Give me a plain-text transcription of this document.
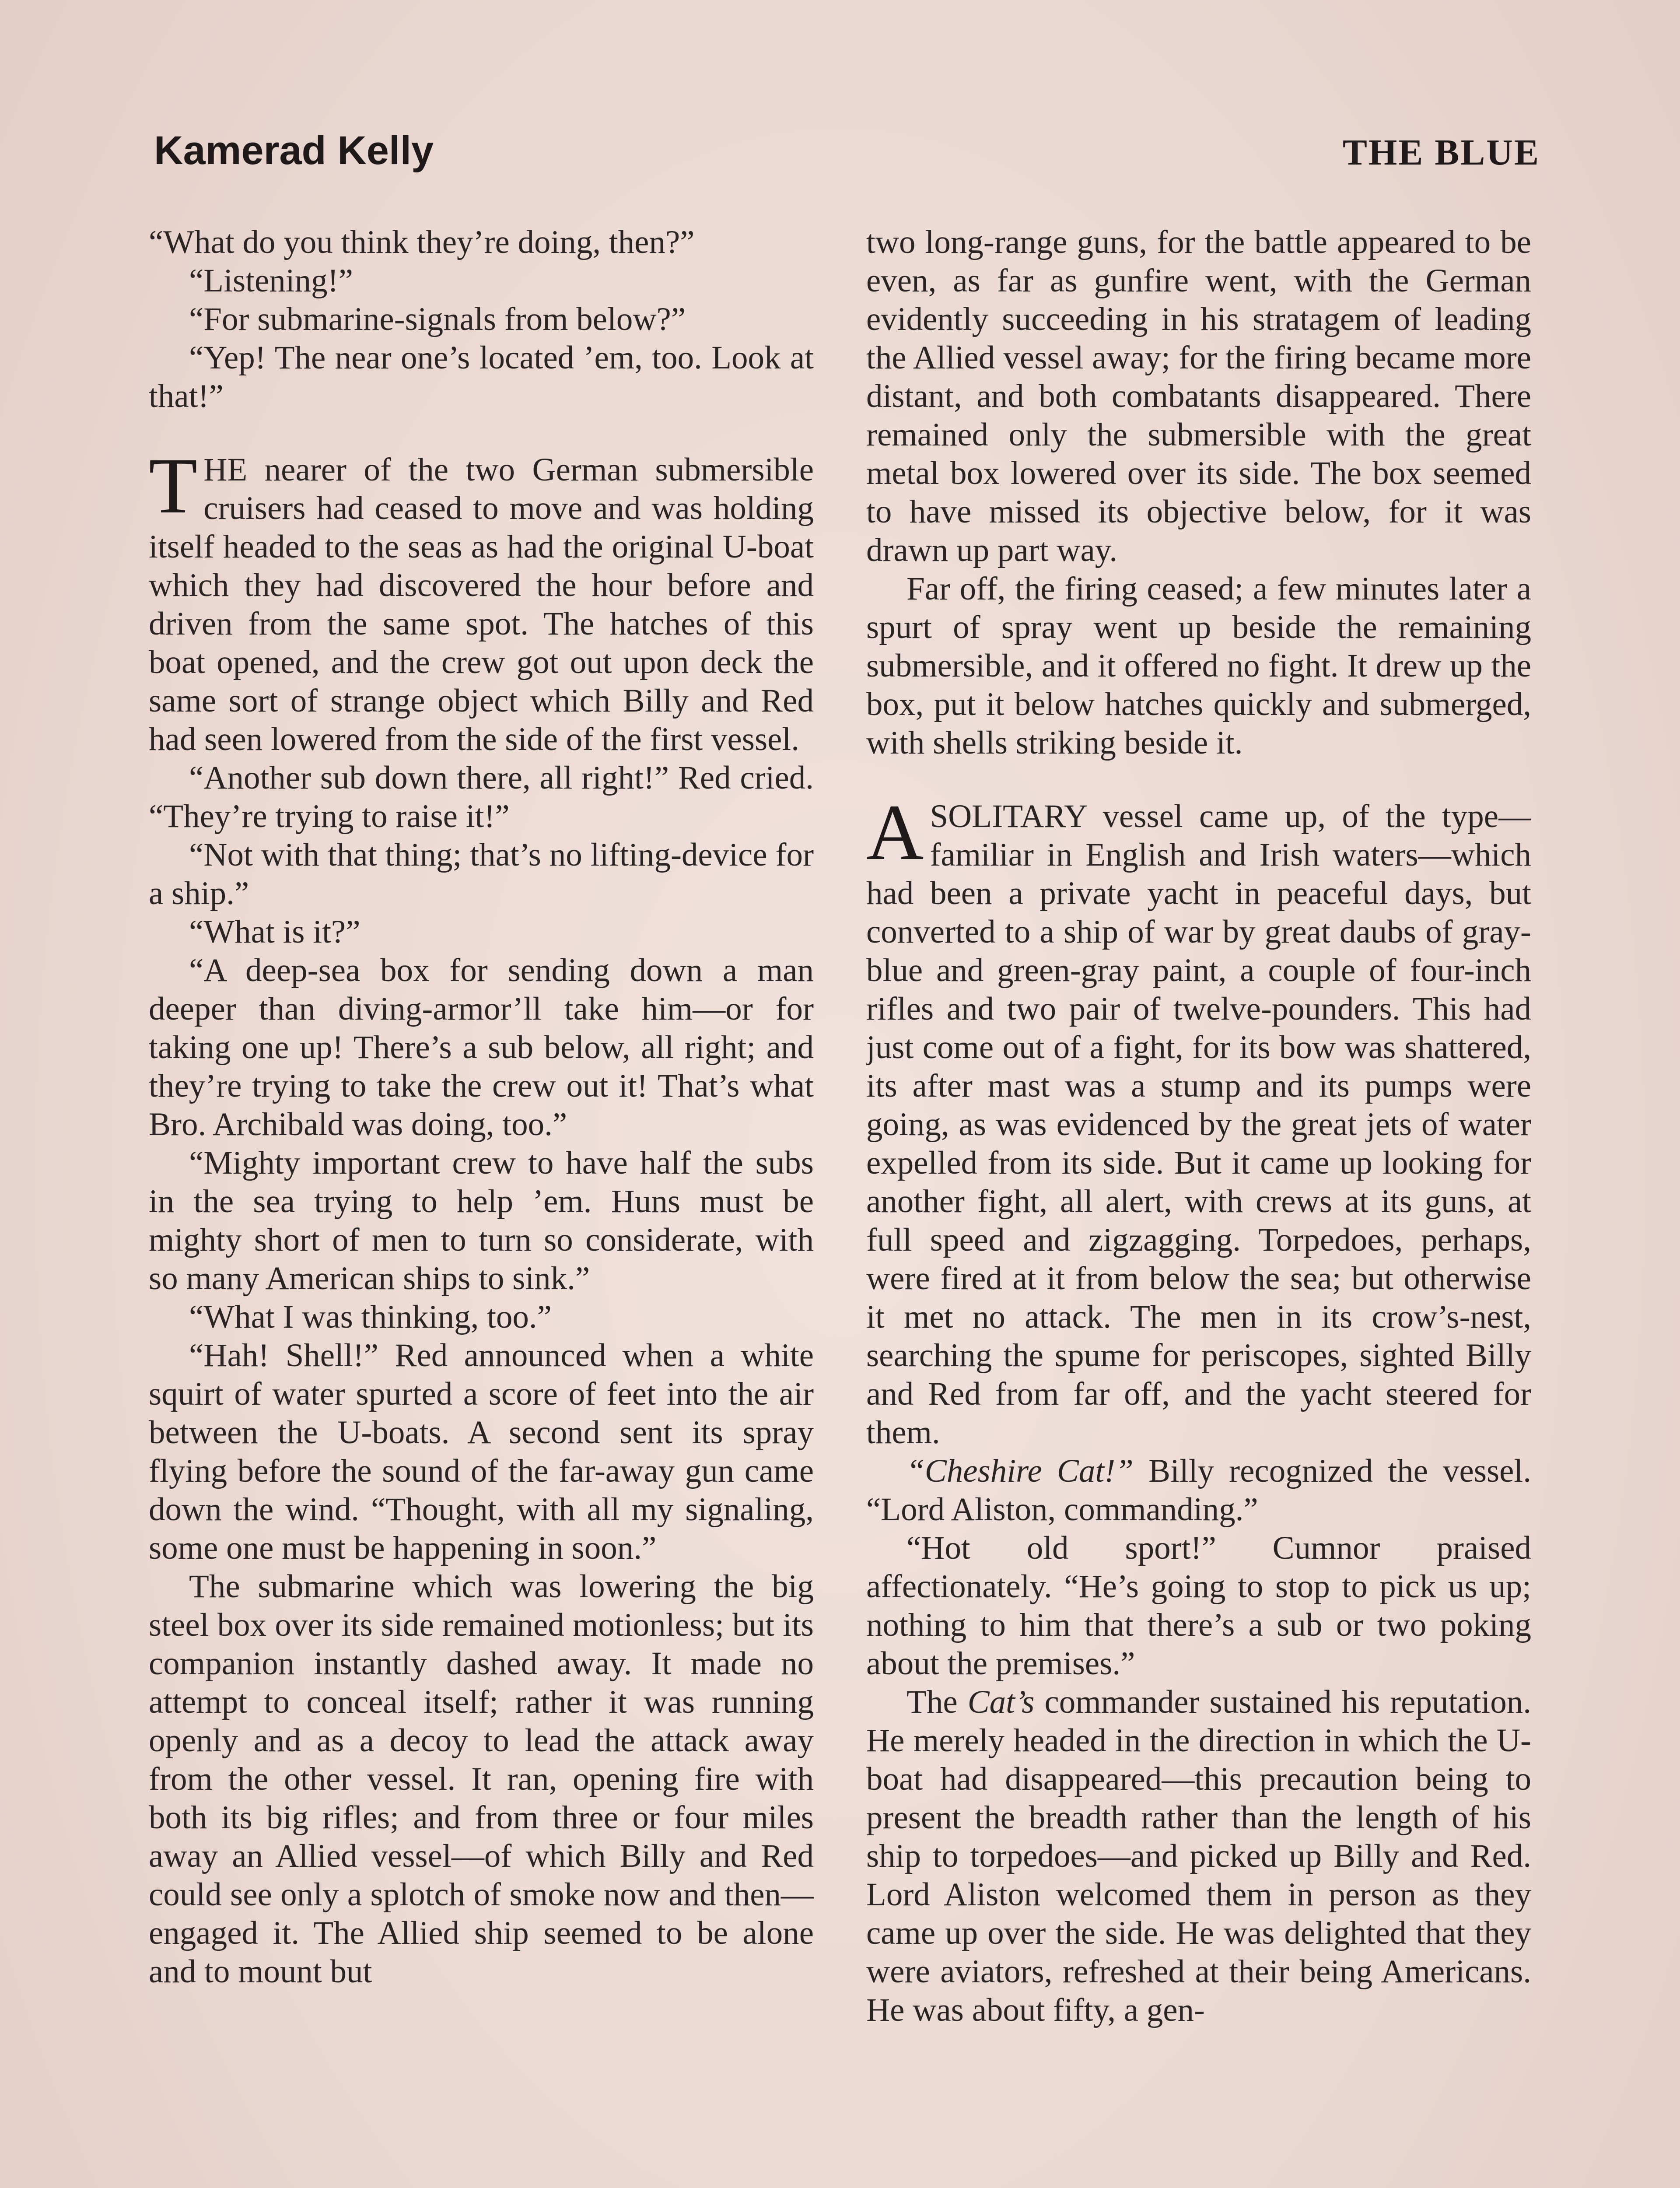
Kamerad Kelly	THE BLUE

“What do you think they’re doing, then?”

“Listening!”

“For submarine-signals from below?”

“Yep! The near one’s located ’em, too. Look at that!”

THE nearer of the two German submersible cruisers had ceased to move and was holding itself headed to the seas as had the original U-boat which they had discovered the hour before and driven from the same spot. The hatches of this boat opened, and the crew got out upon deck the same sort of strange object which Billy and Red had seen lowered from the side of the first vessel.

“Another sub down there, all right!” Red cried. “They’re trying to raise it!”

“Not with that thing; that’s no lifting-device for a ship.”

“What is it?”

“A deep-sea box for sending down a man deeper than diving-armor’ll take him—or for taking one up! There’s a sub below, all right; and they’re trying to take the crew out it! That’s what Bro. Archibald was doing, too.”

“Mighty important crew to have half the subs in the sea trying to help ’em. Huns must be mighty short of men to turn so considerate, with so many American ships to sink.”

“What I was thinking, too.”

“Hah! Shell!” Red announced when a white squirt of water spurted a score of feet into the air between the U-boats. A second sent its spray flying before the sound of the far-away gun came down the wind. “Thought, with all my signaling, some one must be happening in soon.”

The submarine which was lowering the big steel box over its side remained motionless; but its companion instantly dashed away. It made no attempt to conceal itself; rather it was running openly and as a decoy to lead the attack away from the other vessel. It ran, opening fire with both its big rifles; and from three or four miles away an Allied vessel—of which Billy and Red could see only a splotch of smoke now and then—engaged it. The Allied ship seemed to be alone and to mount but

two long-range guns, for the battle appeared to be even, as far as gunfire went, with the German evidently succeeding in his stratagem of leading the Allied vessel away; for the firing became more distant, and both combatants disappeared. There remained only the submersible with the great metal box lowered over its side. The box seemed to have missed its objective below, for it was drawn up part way.

Far off, the firing ceased; a few minutes later a spurt of spray went up beside the remaining submersible, and it offered no fight. It drew up the box, put it below hatches quickly and submerged, with shells striking beside it.

ASOLITARY vessel came up, of the type—familiar in English and Irish waters—which had been a private yacht in peaceful days, but converted to a ship of war by great daubs of gray-blue and green-gray paint, a couple of four-inch rifles and two pair of twelve-pounders. This had just come out of a fight, for its bow was shattered, its after mast was a stump and its pumps were going, as was evidenced by the great jets of water expelled from its side. But it came up looking for another fight, all alert, with crews at its guns, at full speed and zigzagging. Torpedoes, perhaps, were fired at it from below the sea; but otherwise it met no attack. The men in its crow’s-nest, searching the spume for periscopes, sighted Billy and Red from far off, and the yacht steered for them.

“Cheshire Cat!” Billy recognized the vessel. “Lord Aliston, commanding.”

“Hot old sport!” Cumnor praised affectionately. “He’s going to stop to pick us up; nothing to him that there’s a sub or two poking about the premises.”

The Cat’s commander sustained his reputation. He merely headed in the direction in which the U-boat had disappeared—this precaution being to present the breadth rather than the length of his ship to torpedoes—and picked up Billy and Red. Lord Aliston welcomed them in person as they came up over the side. He was delighted that they were aviators, refreshed at their being Americans. He was about fifty, a gen-
